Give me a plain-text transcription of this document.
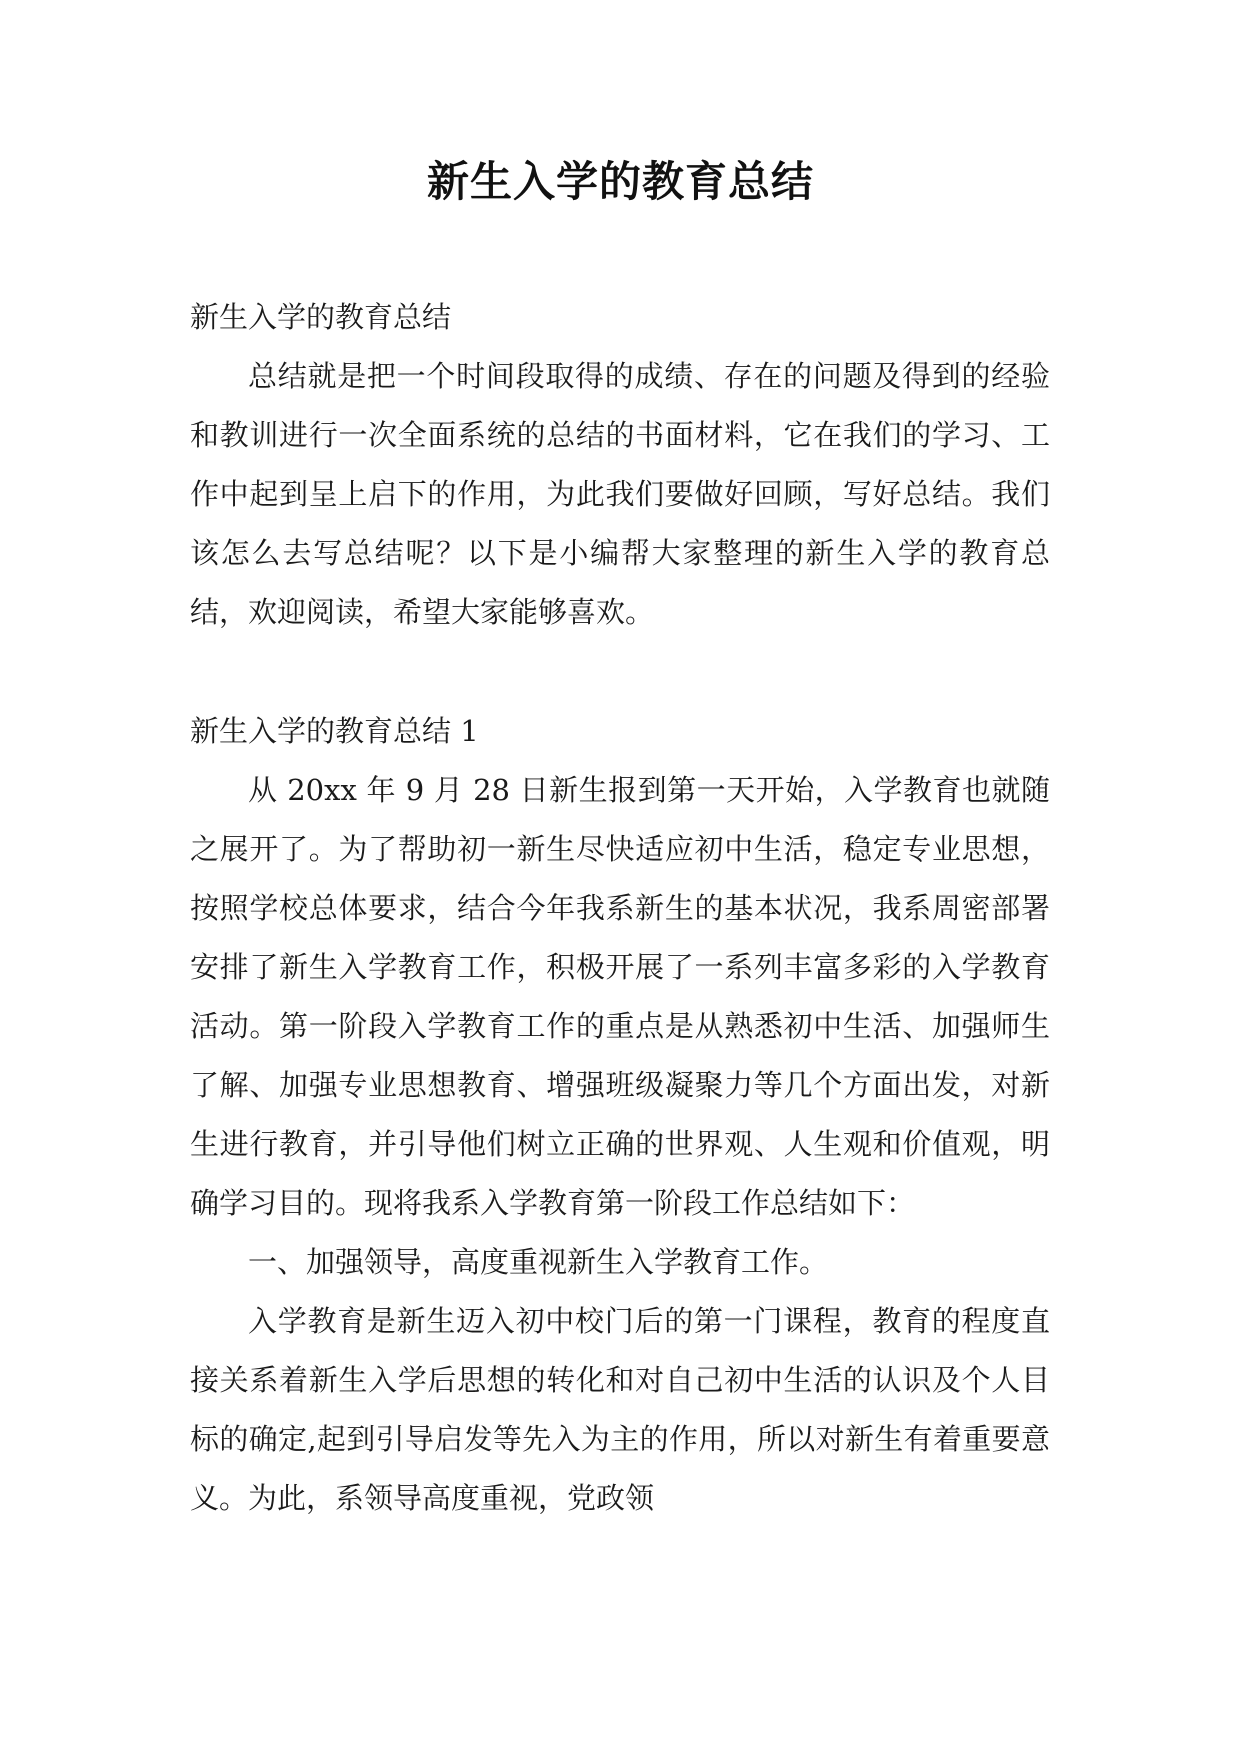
新生入学的教育总结

新生入学的教育总结

总结就是把一个时间段取得的成绩、存在的问题及得到的经验和教训进行一次全面系统的总结的书面材料，它在我们的学习、工作中起到呈上启下的作用，为此我们要做好回顾，写好总结。我们该怎么去写总结呢？以下是小编帮大家整理的新生入学的教育总结，欢迎阅读，希望大家能够喜欢。

新生入学的教育总结 1

从 20xx 年 9 月 28 日新生报到第一天开始，入学教育也就随之展开了。为了帮助初一新生尽快适应初中生活，稳定专业思想，按照学校总体要求，结合今年我系新生的基本状况，我系周密部署安排了新生入学教育工作，积极开展了一系列丰富多彩的入学教育活动。第一阶段入学教育工作的重点是从熟悉初中生活、加强师生了解、加强专业思想教育、增强班级凝聚力等几个方面出发，对新生进行教育，并引导他们树立正确的世界观、人生观和价值观，明确学习目的。现将我系入学教育第一阶段工作总结如下：

一、加强领导，高度重视新生入学教育工作。

入学教育是新生迈入初中校门后的第一门课程，教育的程度直接关系着新生入学后思想的转化和对自己初中生活的认识及个人目标的确定,起到引导启发等先入为主的作用，所以对新生有着重要意义。为此，系领导高度重视，党政领
